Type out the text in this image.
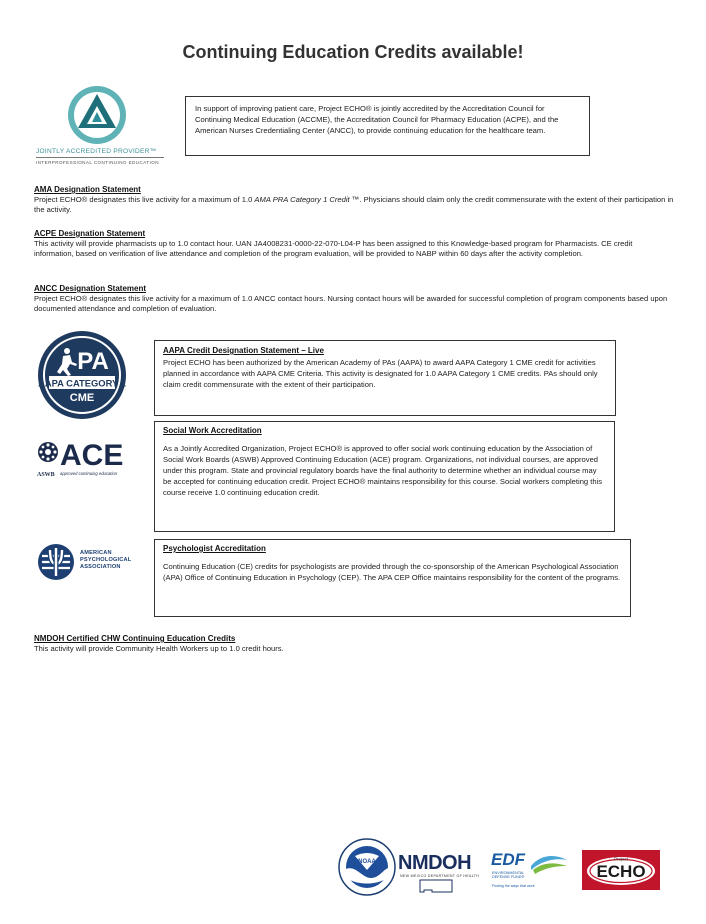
Continuing Education Credits available!
JOINTLY ACCREDITED PROVIDER™
INTERPROFESSIONAL CONTINUING EDUCATION
In support of improving patient care, Project ECHO® is jointly accredited by the Accreditation Council for Continuing Medical Education (ACCME), the Accreditation Council for Pharmacy Education (ACPE), and the American Nurses Credentialing Center (ANCC), to provide continuing education for the healthcare team.
AMA Designation Statement
Project ECHO® designates this live activity for a maximum of 1.0 AMA PRA Category 1 Credit ™. Physicians should claim only the credit commensurate with the extent of their participation in the activity.
ACPE Designation Statement
This activity will provide pharmacists up to 1.0 contact hour. UAN JA4008231-0000-22-070-L04-P has been assigned to this Knowledge-based program for Pharmacists. CE credit information, based on verification of live attendance and completion of the program evaluation, will be provided to NABP within 60 days after the activity completion.
ANCC Designation Statement
Project ECHO® designates this live activity for a maximum of 1.0 ANCC contact hours. Nursing contact hours will be awarded for successful completion of program components based upon documented attendance and completion of evaluation.
PA
AAPA CATEGORY 1
CME
AAPA Credit Designation Statement – Live
Project ECHO has been authorized by the American Academy of PAs (AAPA) to award AAPA Category 1 CME credit for activities planned in accordance with AAPA CME Criteria. This activity is designated for 1.0 AAPA Category 1 CME credits. PAs should only claim credit commensurate with the extent of their participation.
ACE
ASWB approved continuing education
Social Work Accreditation
As a Jointly Accredited Organization, Project ECHO® is approved to offer social work continuing education by the Association of Social Work Boards (ASWB) Approved Continuing Education (ACE) program. Organizations, not individual courses, are approved under this program. State and provincial regulatory boards have the final authority to determine whether an individual course may be accepted for continuing education credit. Project ECHO® maintains responsibility for this course. Social workers completing this course receive 1.0 continuing education credit.
AMERICAN
PSYCHOLOGICAL
ASSOCIATION
Psychologist Accreditation
Continuing Education (CE) credits for psychologists are provided through the co-sponsorship of the American Psychological Association (APA) Office of Continuing Education in Psychology (CEP). The APA CEP Office maintains responsibility for the content of the programs.
NMDOH Certified CHW Continuing Education Credits
This activity will provide Community Health Workers up to 1.0 credit hours.
NOAA NMDOH
NEW MEXICO DEPARTMENT OF HEALTH
EDF
ENVIRONMENTAL
DEFENSE FUND®
Finding the ways that work
Project
ECHO
